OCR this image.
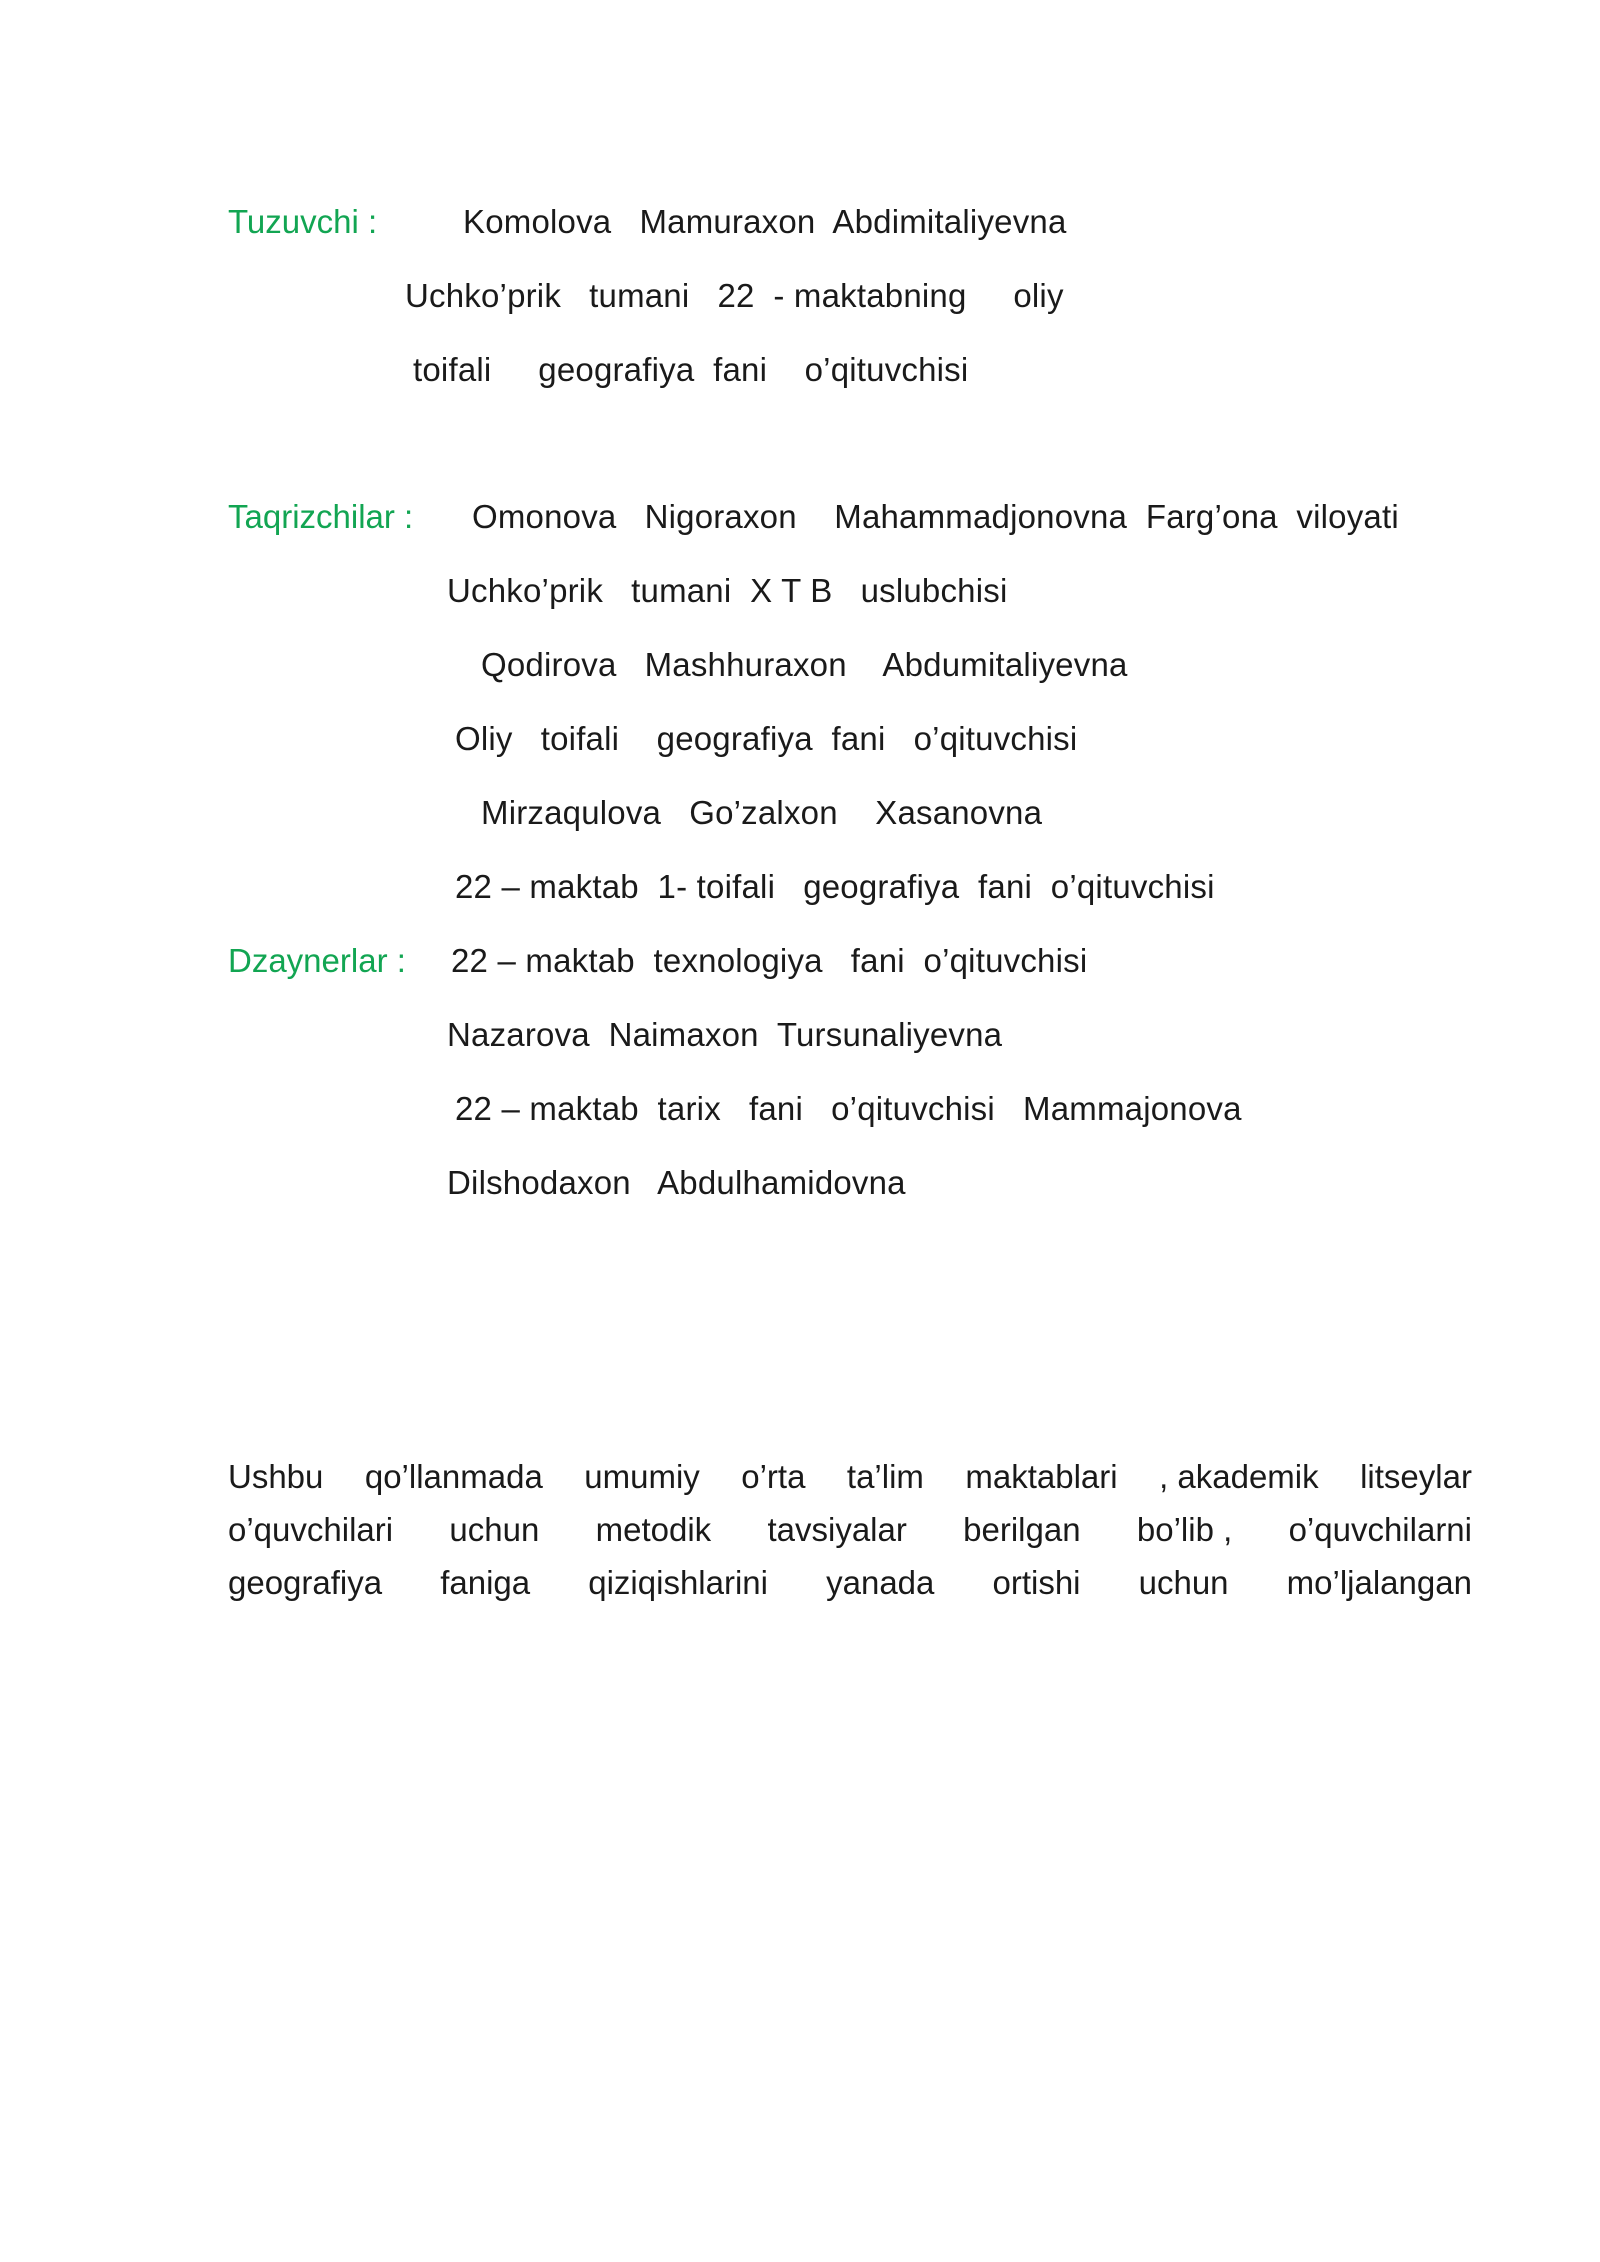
Tuzuvchi :	Komolova   Mamuraxon  Abdimitaliyevna
Uchko’prik   tumani   22  - maktabning     oliy
toifali     geografiya  fani    o’qituvchisi
Taqrizchilar : Omonova   Nigoraxon    Mahammadjonovna  Farg’ona  viloyati
Uchko’prik   tumani  X T B   uslubchisi
Qodirova   Mashhuraxon    Abdumitaliyevna
Oliy   toifali    geografiya  fani   o’qituvchisi
Mirzaqulova   Go’zalxon    Xasanovna
22 – maktab  1- toifali   geografiya  fani  o’qituvchisi
Dzaynerlar : 22 – maktab  texnologiya   fani  o’qituvchisi
Nazarova  Naimaxon  Tursunaliyevna
22 – maktab  tarix   fani   o’qituvchisi   Mammajonova
Dilshodaxon   Abdulhamidovna
Ushbu qo’llanmada umumiy o’rta ta’lim maktablari , akademik litseylar
o’quvchilari uchun metodik tavsiyalar berilgan bo’lib , o’quvchilarni
geografiya faniga qiziqishlarini yanada ortishi uchun mo’ljalangan
